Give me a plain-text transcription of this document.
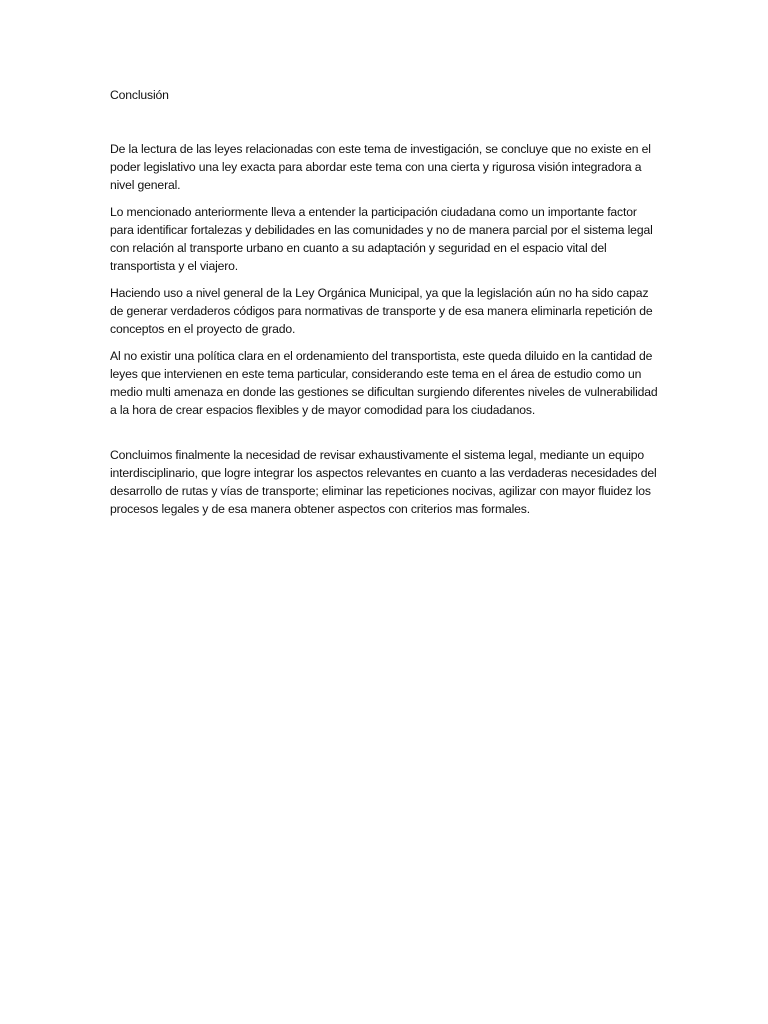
Conclusión

De la lectura de las leyes relacionadas con este tema de investigación, se concluye que no existe en el poder legislativo una ley exacta para abordar este tema con una cierta y rigurosa visión integradora a nivel general.

Lo mencionado anteriormente lleva a entender la participación ciudadana como un importante factor para identificar fortalezas y debilidades en las comunidades y no de manera parcial por el sistema legal con relación al transporte urbano en cuanto a su adaptación y seguridad en el espacio vital del transportista y el viajero.

Haciendo uso a nivel general de la Ley Orgánica Municipal, ya que la legislación aún no ha sido capaz de generar verdaderos códigos para normativas de transporte y de esa manera eliminarla repetición de conceptos en el proyecto de grado.

Al no existir una política clara en el ordenamiento del transportista, este queda diluido en la cantidad de leyes que intervienen en este tema particular, considerando este tema en el área de estudio como un medio multi amenaza en donde las gestiones se dificultan surgiendo diferentes niveles de vulnerabilidad a la hora de crear espacios flexibles y de mayor comodidad para los ciudadanos.

Concluimos finalmente la necesidad de revisar exhaustivamente el sistema legal, mediante un equipo interdisciplinario, que logre integrar los aspectos relevantes en cuanto a las verdaderas necesidades del desarrollo de rutas y vías de transporte; eliminar las repeticiones nocivas, agilizar con mayor fluidez los procesos legales y de esa manera obtener aspectos con criterios mas formales.
